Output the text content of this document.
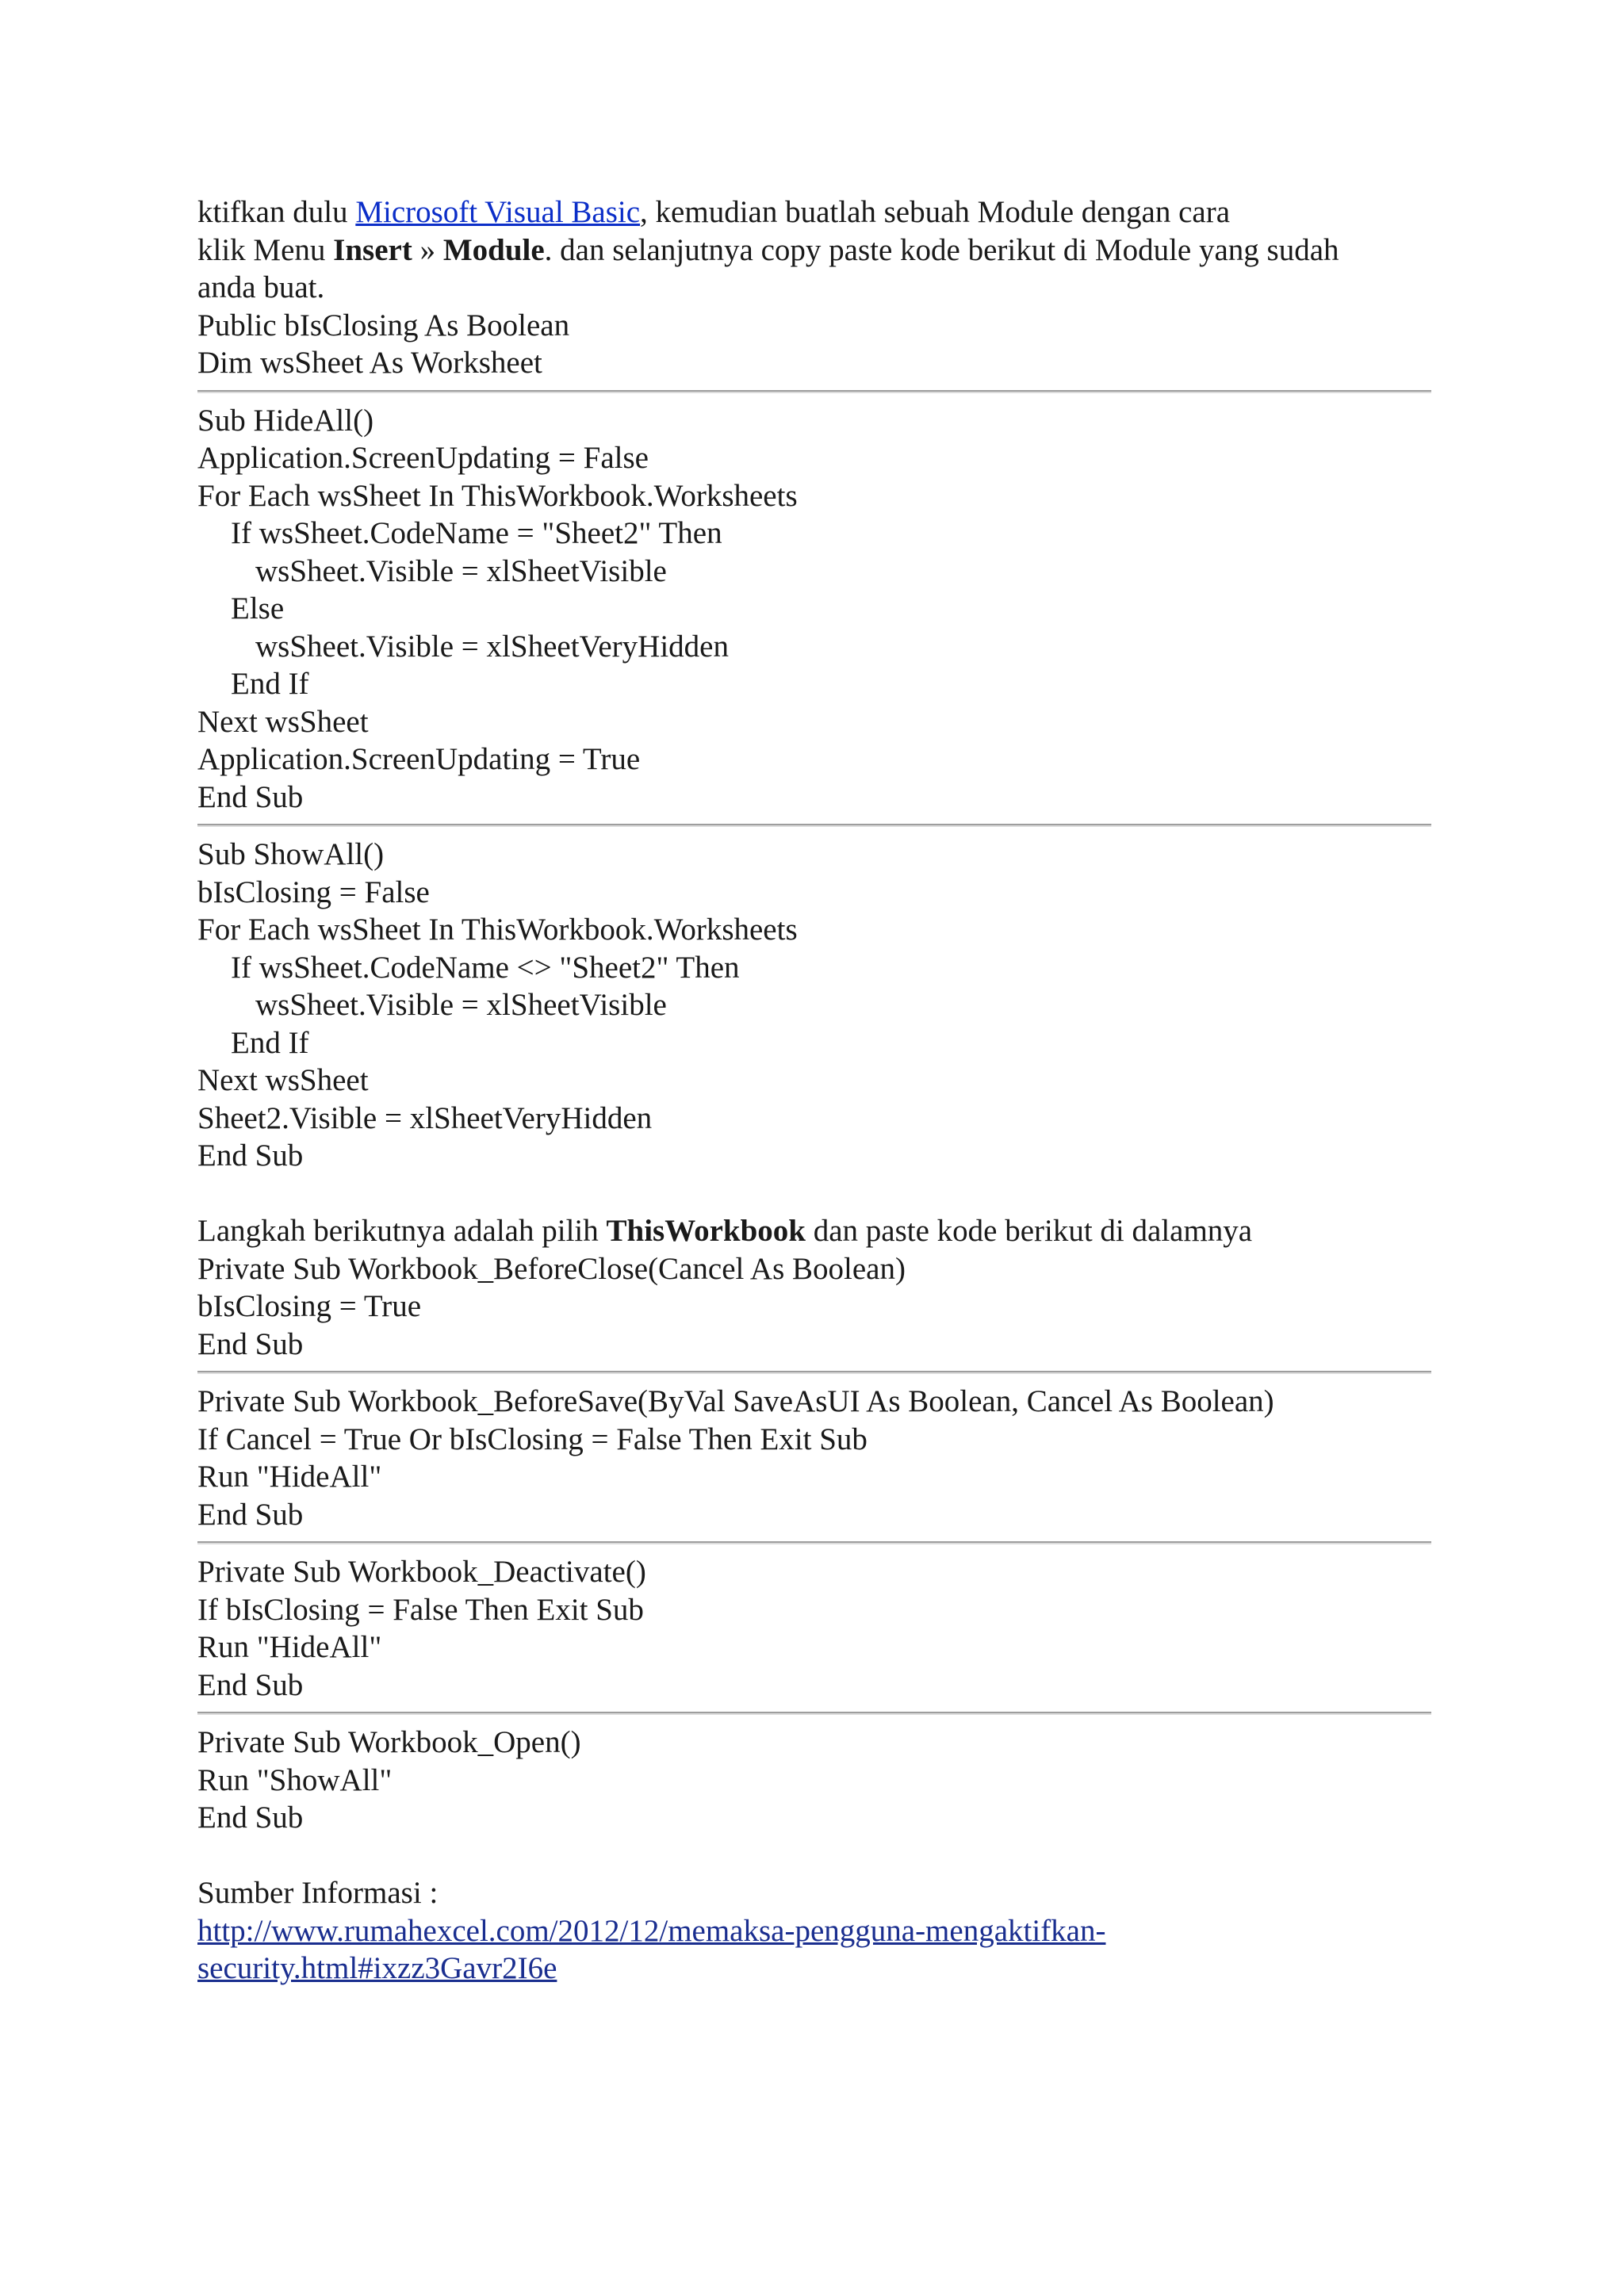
ktifkan dulu Microsoft Visual Basic, kemudian buatlah sebuah Module dengan cara
klik Menu Insert » Module. dan selanjutnya copy paste kode berikut di Module yang sudah
anda buat.
Public bIsClosing As Boolean
Dim wsSheet As Worksheet
Sub HideAll()
Application.ScreenUpdating = False
For Each wsSheet In ThisWorkbook.Worksheets
If wsSheet.CodeName = "Sheet2" Then
wsSheet.Visible = xlSheetVisible
Else
wsSheet.Visible = xlSheetVeryHidden
End If
Next wsSheet
Application.ScreenUpdating = True
End Sub
Sub ShowAll()
bIsClosing = False
For Each wsSheet In ThisWorkbook.Worksheets
If wsSheet.CodeName <> "Sheet2" Then
wsSheet.Visible = xlSheetVisible
End If
Next wsSheet
Sheet2.Visible = xlSheetVeryHidden
End Sub
Langkah berikutnya adalah pilih ThisWorkbook dan paste kode berikut di dalamnya
Private Sub Workbook_BeforeClose(Cancel As Boolean)
bIsClosing = True
End Sub
Private Sub Workbook_BeforeSave(ByVal SaveAsUI As Boolean, Cancel As Boolean)
If Cancel = True Or bIsClosing = False Then Exit Sub
Run "HideAll"
End Sub
Private Sub Workbook_Deactivate()
If bIsClosing = False Then Exit Sub
Run "HideAll"
End Sub
Private Sub Workbook_Open()
Run "ShowAll"
End Sub
Sumber Informasi :
http://www.rumahexcel.com/2012/12/memaksa-pengguna-mengaktifkan-
security.html#ixzz3Gavr2I6e
